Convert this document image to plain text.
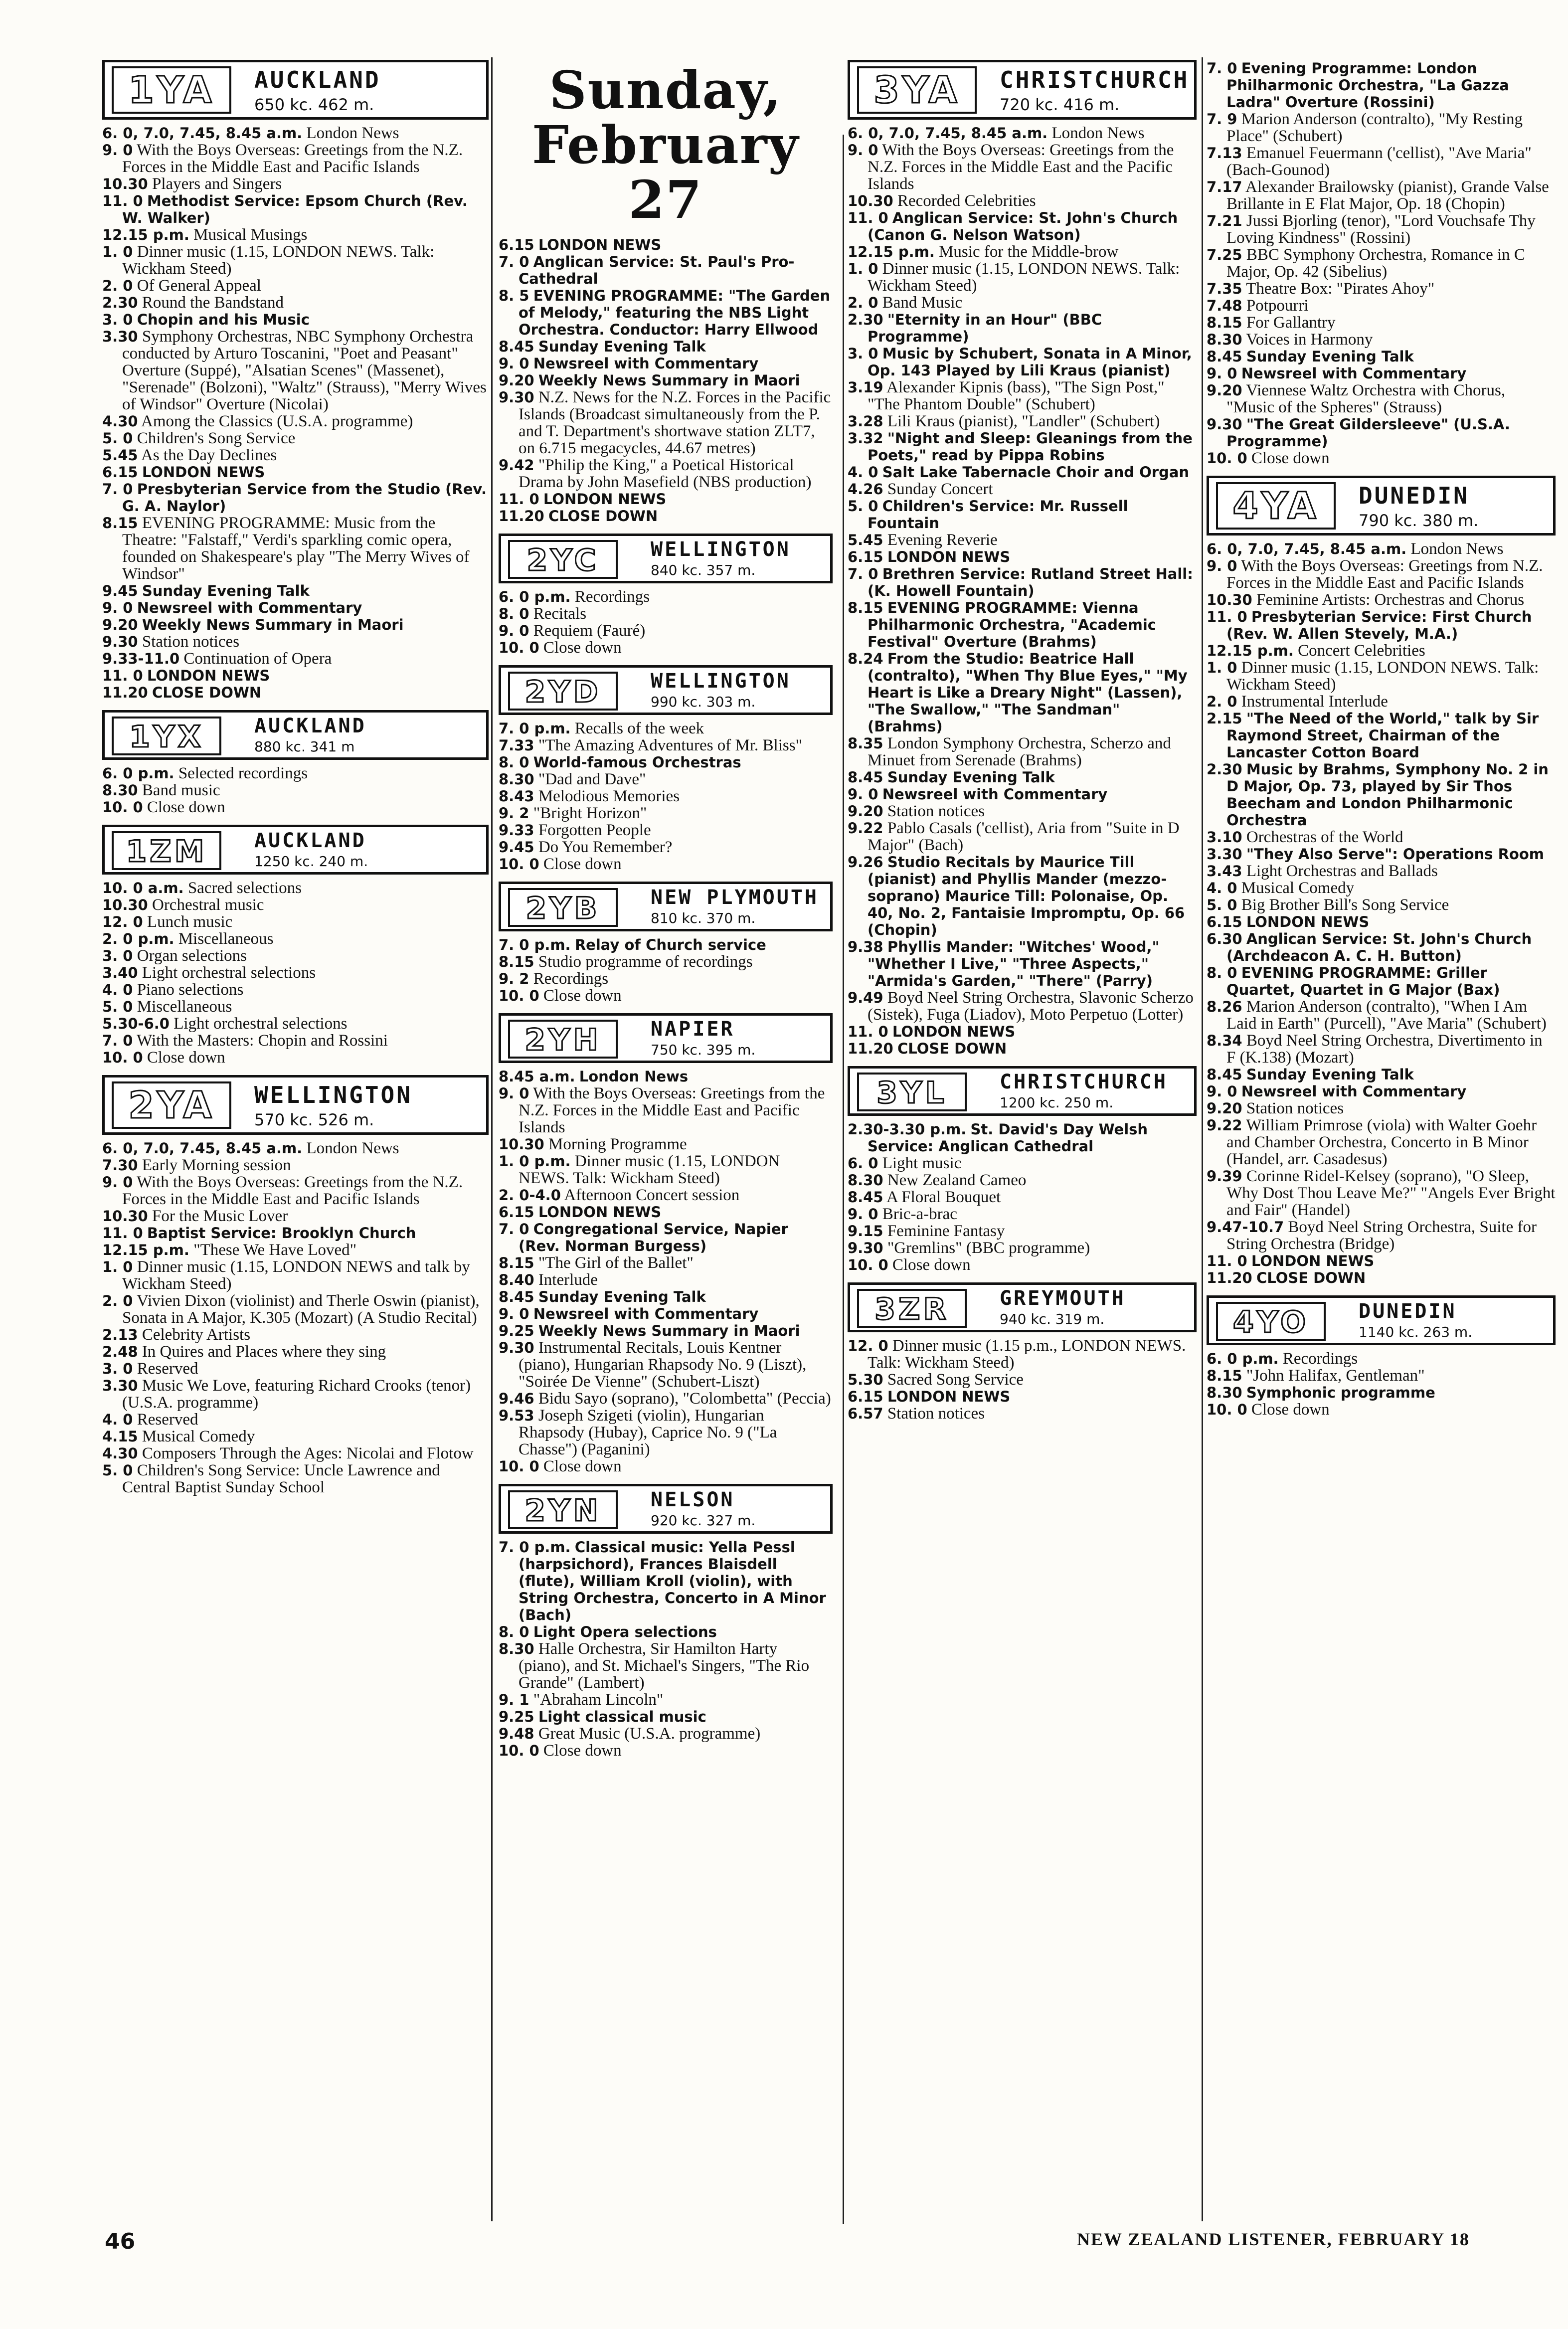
1YA	AUCKLAND
650 kc. 462 m.

6. 0, 7.0, 7.45, 8.45 a.m. London News

9. 0 With the Boys Overseas: Greetings from the N.Z. Forces in the Middle East and Pacific Islands

10.30 Players and Singers

11. 0 Methodist Service: Epsom Church (Rev. W. Walker)

12.15 p.m. Musical Musings

1. 0 Dinner music (1.15, LONDON NEWS. Talk: Wickham Steed)

2. 0 Of General Appeal

2.30 Round the Bandstand

3. 0 Chopin and his Music

3.30 Symphony Orchestras, NBC Symphony Orchestra conducted by Arturo Toscanini, "Poet and Peasant" Overture (Suppé), "Alsatian Scenes" (Massenet), "Serenade" (Bolzoni), "Waltz" (Strauss), "Merry Wives of Windsor" Overture (Nicolai)

4.30 Among the Classics (U.S.A. programme)

5. 0 Children's Song Service

5.45 As the Day Declines

6.15 LONDON NEWS

7. 0 Presbyterian Service from the Studio (Rev. G. A. Naylor)

8.15 EVENING PROGRAMME: Music from the Theatre: "Falstaff," Verdi's sparkling comic opera, founded on Shakespeare's play "The Merry Wives of Windsor"

9.45 Sunday Evening Talk

9. 0 Newsreel with Commentary

9.20 Weekly News Summary in Maori

9.30 Station notices

9.33-11.0 Continuation of Opera

11. 0 LONDON NEWS

11.20 CLOSE DOWN

1YX	AUCKLAND
880 kc. 341 m

6. 0 p.m. Selected recordings

8.30 Band music

10. 0 Close down

1ZM	AUCKLAND
1250 kc. 240 m.

10. 0 a.m. Sacred selections

10.30 Orchestral music

12. 0 Lunch music

2. 0 p.m. Miscellaneous

3. 0 Organ selections

3.40 Light orchestral selections

4. 0 Piano selections

5. 0 Miscellaneous

5.30-6.0 Light orchestral selections

7. 0 With the Masters: Chopin and Rossini

10. 0 Close down

2YA	WELLINGTON
570 kc. 526 m.

6. 0, 7.0, 7.45, 8.45 a.m. London News

7.30 Early Morning session

9. 0 With the Boys Overseas: Greetings from the N.Z. Forces in the Middle East and Pacific Islands

10.30 For the Music Lover

11. 0 Baptist Service: Brooklyn Church

12.15 p.m. "These We Have Loved"

1. 0 Dinner music (1.15, LONDON NEWS and talk by Wickham Steed)

2. 0 Vivien Dixon (violinist) and Therle Oswin (pianist), Sonata in A Major, K.305 (Mozart) (A Studio Recital)

2.13 Celebrity Artists

2.48 In Quires and Places where they sing

3. 0 Reserved

3.30 Music We Love, featuring Richard Crooks (tenor) (U.S.A. programme)

4. 0 Reserved

4.15 Musical Comedy

4.30 Composers Through the Ages: Nicolai and Flotow

5. 0 Children's Song Service: Uncle Lawrence and Central Baptist Sunday School

Sunday, February 27

6.15 LONDON NEWS

7. 0 Anglican Service: St. Paul's Pro-Cathedral

8. 5 EVENING PROGRAMME: "The Garden of Melody," featuring the NBS Light Orchestra. Conductor: Harry Ellwood

8.45 Sunday Evening Talk

9. 0 Newsreel with Commentary

9.20 Weekly News Summary in Maori

9.30 N.Z. News for the N.Z. Forces in the Pacific Islands (Broadcast simultaneously from the P. and T. Department's shortwave station ZLT7, on 6.715 megacycles, 44.67 metres)

9.42 "Philip the King," a Poetical Historical Drama by John Masefield (NBS production)

11. 0 LONDON NEWS

11.20 CLOSE DOWN

2YC	WELLINGTON
840 kc. 357 m.

6. 0 p.m. Recordings

8. 0 Recitals

9. 0 Requiem (Fauré)

10. 0 Close down

2YD	WELLINGTON
990 kc. 303 m.

7. 0 p.m. Recalls of the week

7.33 "The Amazing Adventures of Mr. Bliss"

8. 0 World-famous Orchestras

8.30 "Dad and Dave"

8.43 Melodious Memories

9. 2 "Bright Horizon"

9.33 Forgotten People

9.45 Do You Remember?

10. 0 Close down

2YB	NEW PLYMOUTH
810 kc. 370 m.

7. 0 p.m. Relay of Church service

8.15 Studio programme of recordings

9. 2 Recordings

10. 0 Close down

2YH	NAPIER
750 kc. 395 m.

8.45 a.m. London News

9. 0 With the Boys Overseas: Greetings from the N.Z. Forces in the Middle East and Pacific Islands

10.30 Morning Programme

1. 0 p.m. Dinner music (1.15, LONDON NEWS. Talk: Wickham Steed)

2. 0-4.0 Afternoon Concert session

6.15 LONDON NEWS

7. 0 Congregational Service, Napier (Rev. Norman Burgess)

8.15 "The Girl of the Ballet"

8.40 Interlude

8.45 Sunday Evening Talk

9. 0 Newsreel with Commentary

9.25 Weekly News Summary in Maori

9.30 Instrumental Recitals, Louis Kentner (piano), Hungarian Rhapsody No. 9 (Liszt), "Soirée De Vienne" (Schubert-Liszt)

9.46 Bidu Sayo (soprano), "Colombetta" (Peccia)

9.53 Joseph Szigeti (violin), Hungarian Rhapsody (Hubay), Caprice No. 9 ("La Chasse") (Paganini)

10. 0 Close down

2YN	NELSON
920 kc. 327 m.

7. 0 p.m. Classical music: Yella Pessl (harpsichord), Frances Blaisdell (flute), William Kroll (violin), with String Orchestra, Concerto in A Minor (Bach)

8. 0 Light Opera selections

8.30 Halle Orchestra, Sir Hamilton Harty (piano), and St. Michael's Singers, "The Rio Grande" (Lambert)

9. 1 "Abraham Lincoln"

9.25 Light classical music

9.48 Great Music (U.S.A. programme)

10. 0 Close down

3YA	CHRISTCHURCH
720 kc. 416 m.

6. 0, 7.0, 7.45, 8.45 a.m. London News

9. 0 With the Boys Overseas: Greetings from the N.Z. Forces in the Middle East and the Pacific Islands

10.30 Recorded Celebrities

11. 0 Anglican Service: St. John's Church (Canon G. Nelson Watson)

12.15 p.m. Music for the Middle-brow

1. 0 Dinner music (1.15, LONDON NEWS. Talk: Wickham Steed)

2. 0 Band Music

2.30 "Eternity in an Hour" (BBC Programme)

3. 0 Music by Schubert, Sonata in A Minor, Op. 143 Played by Lili Kraus (pianist)

3.19 Alexander Kipnis (bass), "The Sign Post," "The Phantom Double" (Schubert)

3.28 Lili Kraus (pianist), "Landler" (Schubert)

3.32 "Night and Sleep: Gleanings from the Poets," read by Pippa Robins

4. 0 Salt Lake Tabernacle Choir and Organ

4.26 Sunday Concert

5. 0 Children's Service: Mr. Russell Fountain

5.45 Evening Reverie

6.15 LONDON NEWS

7. 0 Brethren Service: Rutland Street Hall: (K. Howell Fountain)

8.15 EVENING PROGRAMME: Vienna Philharmonic Orchestra, "Academic Festival" Overture (Brahms)

8.24 From the Studio: Beatrice Hall (contralto), "When Thy Blue Eyes," "My Heart is Like a Dreary Night" (Lassen), "The Swallow," "The Sandman" (Brahms)

8.35 London Symphony Orchestra, Scherzo and Minuet from Serenade (Brahms)

8.45 Sunday Evening Talk

9. 0 Newsreel with Commentary

9.20 Station notices

9.22 Pablo Casals ('cellist), Aria from "Suite in D Major" (Bach)

9.26 Studio Recitals by Maurice Till (pianist) and Phyllis Mander (mezzo-soprano) Maurice Till: Polonaise, Op. 40, No. 2, Fantaisie Impromptu, Op. 66 (Chopin)

9.38 Phyllis Mander: "Witches' Wood," "Whether I Live," "Three Aspects," "Armida's Garden," "There" (Parry)

9.49 Boyd Neel String Orchestra, Slavonic Scherzo (Sistek), Fuga (Liadov), Moto Perpetuo (Lotter)

11. 0 LONDON NEWS

11.20 CLOSE DOWN

3YL	CHRISTCHURCH
1200 kc. 250 m.

2.30-3.30 p.m. St. David's Day Welsh Service: Anglican Cathedral

6. 0 Light music

8.30 New Zealand Cameo

8.45 A Floral Bouquet

9. 0 Bric-a-brac

9.15 Feminine Fantasy

9.30 "Gremlins" (BBC programme)

10. 0 Close down

3ZR	GREYMOUTH
940 kc. 319 m.

12. 0 Dinner music (1.15 p.m., LONDON NEWS. Talk: Wickham Steed)

5.30 Sacred Song Service

6.15 LONDON NEWS

6.57 Station notices

7. 0 Evening Programme: London Philharmonic Orchestra, "La Gazza Ladra" Overture (Rossini)

7. 9 Marion Anderson (contralto), "My Resting Place" (Schubert)

7.13 Emanuel Feuermann ('cellist), "Ave Maria" (Bach-Gounod)

7.17 Alexander Brailowsky (pianist), Grande Valse Brillante in E Flat Major, Op. 18 (Chopin)

7.21 Jussi Bjorling (tenor), "Lord Vouchsafe Thy Loving Kindness" (Rossini)

7.25 BBC Symphony Orchestra, Romance in C Major, Op. 42 (Sibelius)

7.35 Theatre Box: "Pirates Ahoy"

7.48 Potpourri

8.15 For Gallantry

8.30 Voices in Harmony

8.45 Sunday Evening Talk

9. 0 Newsreel with Commentary

9.20 Viennese Waltz Orchestra with Chorus, "Music of the Spheres" (Strauss)

9.30 "The Great Gildersleeve" (U.S.A. Programme)

10. 0 Close down

4YA	DUNEDIN
790 kc. 380 m.

6. 0, 7.0, 7.45, 8.45 a.m. London News

9. 0 With the Boys Overseas: Greetings from N.Z. Forces in the Middle East and Pacific Islands

10.30 Feminine Artists: Orchestras and Chorus

11. 0 Presbyterian Service: First Church (Rev. W. Allen Stevely, M.A.)

12.15 p.m. Concert Celebrities

1. 0 Dinner music (1.15, LONDON NEWS. Talk: Wickham Steed)

2. 0 Instrumental Interlude

2.15 "The Need of the World," talk by Sir Raymond Street, Chairman of the Lancaster Cotton Board

2.30 Music by Brahms, Symphony No. 2 in D Major, Op. 73, played by Sir Thos Beecham and London Philharmonic Orchestra

3.10 Orchestras of the World

3.30 "They Also Serve": Operations Room

3.43 Light Orchestras and Ballads

4. 0 Musical Comedy

5. 0 Big Brother Bill's Song Service

6.15 LONDON NEWS

6.30 Anglican Service: St. John's Church (Archdeacon A. C. H. Button)

8. 0 EVENING PROGRAMME: Griller Quartet, Quartet in G Major (Bax)

8.26 Marion Anderson (contralto), "When I Am Laid in Earth" (Purcell), "Ave Maria" (Schubert)

8.34 Boyd Neel String Orchestra, Divertimento in F (K.138) (Mozart)

8.45 Sunday Evening Talk

9. 0 Newsreel with Commentary

9.20 Station notices

9.22 William Primrose (viola) with Walter Goehr and Chamber Orchestra, Concerto in B Minor (Handel, arr. Casadesus)

9.39 Corinne Ridel-Kelsey (soprano), "O Sleep, Why Dost Thou Leave Me?" "Angels Ever Bright and Fair" (Handel)

9.47-10.7 Boyd Neel String Orchestra, Suite for String Orchestra (Bridge)

11. 0 LONDON NEWS

11.20 CLOSE DOWN

4YO	DUNEDIN
1140 kc. 263 m.

6. 0 p.m. Recordings

8.15 "John Halifax, Gentleman"

8.30 Symphonic programme

10. 0 Close down

46	NEW ZEALAND LISTENER, FEBRUARY 18
